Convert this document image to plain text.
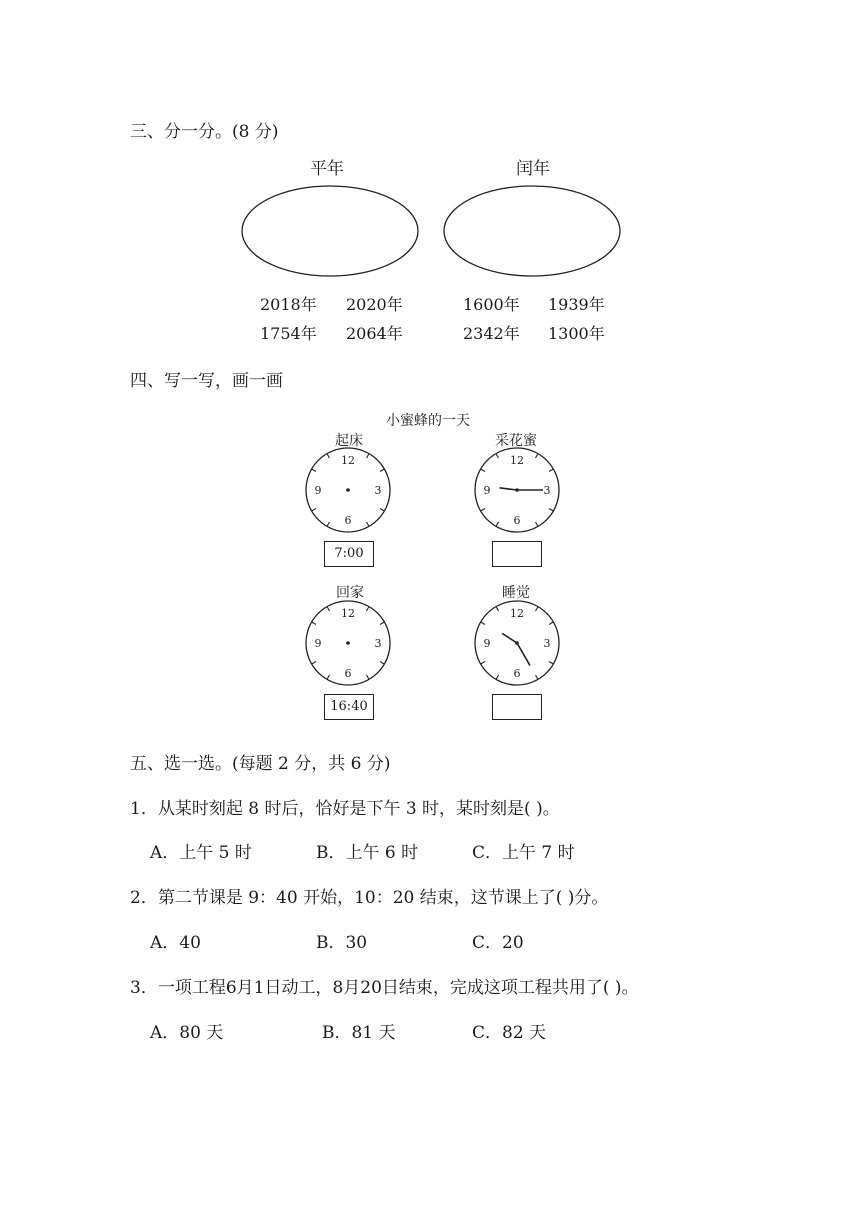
三、分一分。(8 分)
平年	闰年
2018年 2020年	1600年 1939年
1754年 2064年	2342年 1300年
四、写一写，画一画
小蜜蜂的一天
起床	采花蜜
回家	睡觉
12
3
6
9
12
3
6
9
12
3
6
9
12
3
6
9
7:00
16:40
五、选一选。(每题 2 分，共 6 分)
1．从某时刻起 8 时后，恰好是下午 3 时，某时刻是( )。
A．上午 5 时	B．上午 6 时	C．上午 7 时
2．第二节课是 9：40 开始，10：20 结束，这节课上了( )分。
A．40	B．30	C．20
3．一项工程6月1日动工，8月20日结束，完成这项工程共用了( )。
A．80 天	B．81 天	C．82 天
